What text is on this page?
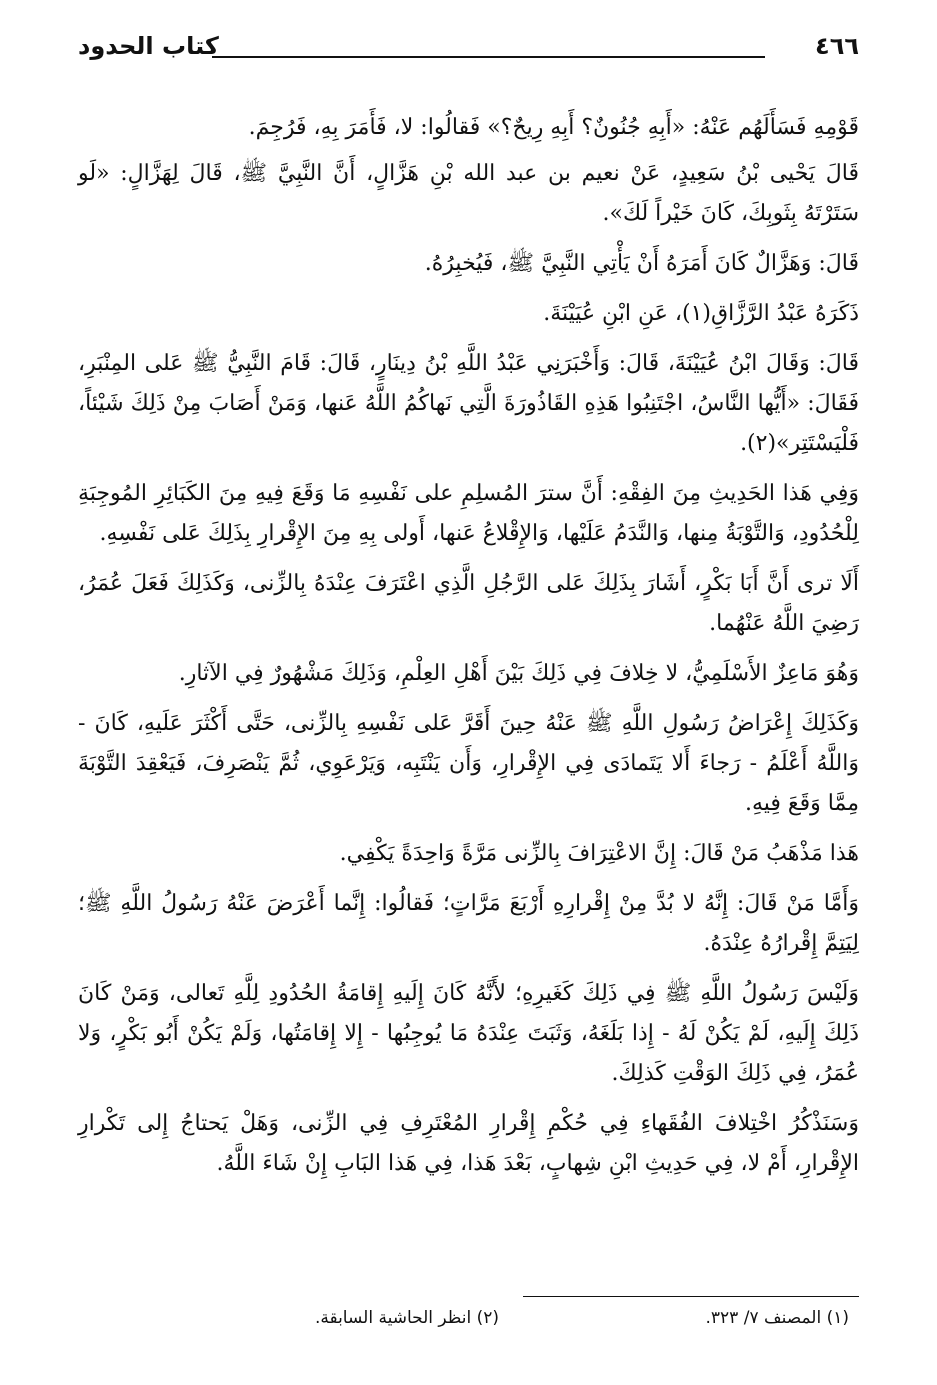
٤٦٦
كتاب الحدود

قَوْمِهِ فَسَأَلَهُم عَنْهُ: «أَبِهِ جُنُونٌ؟ أَبِهِ رِيحٌ؟» فَقالُوا: لا، فَأَمَرَ بِهِ، فَرُجِمَ.

قَالَ يَحْيى بْنُ سَعِيدٍ، عَنْ نعيم بن عبد الله بْنِ هَزَّالٍ، أَنَّ النَّبِيَّ ﷺ، قَالَ لِهَزَّالٍ: «لَو سَتَرْتَهُ بِثَوبِكَ، كَانَ خَيْراً لَكَ».

قَالَ: وَهَزَّالٌ كَانَ أَمَرَهُ أَنْ يَأْتِي النَّبِيَّ ﷺ، فَيُخبِرُهُ.

ذَكَرَهُ عَبْدُ الرَّزَّاقِ(١)، عَنِ ابْنِ عُيَيْنَةَ.

قَالَ: وَقَالَ ابْنُ عُيَيْنَةَ، قَالَ: وَأَخْبَرَنِي عَبْدُ اللَّهِ بْنُ دِينَارٍ، قَالَ: قَامَ النَّبِيُّ ﷺ عَلى المِنْبَرِ، فَقَالَ: «أَيُّها النَّاسُ، اجْتَنِبُوا هَذِهِ القَاذُورَةَ الَّتِي نَهاكُمُ اللَّهُ عَنها، وَمَنْ أَصَابَ مِنْ ذَلِكَ شَيْئاً، فَلْيَسْتَتِر»(٢).

وَفِي هَذا الحَدِيثِ مِنَ الفِقْهِ: أَنَّ سترَ المُسلِمِ على نَفْسِهِ مَا وَقَعَ فِيهِ مِنَ الكَبَائِرِ المُوجِبَةِ لِلْحُدُودِ، وَالتَّوْبَةُ مِنها، وَالنَّدَمُ عَلَيْها، وَالإِقْلاعُ عَنها، أَولى بِهِ مِنَ الإِقْرارِ بِذَلِكَ عَلى نَفْسِهِ.

أَلَا ترى أَنَّ أَبَا بَكْرٍ، أَشَارَ بِذَلِكَ عَلى الرَّجُلِ الَّذِي اعْتَرَفَ عِنْدَهُ بِالزِّنى، وَكَذَلِكَ فَعَلَ عُمَرُ، رَضِيَ اللَّهُ عَنْهُما.

وَهُوَ مَاعِزٌ الأَسْلَمِيُّ، لا خِلافَ فِي ذَلِكَ بَيْنَ أَهْلِ العِلْمِ، وَذَلِكَ مَشْهُورٌ فِي الآثارِ.

وَكَذَلِكَ إِعْرَاضُ رَسُولِ اللَّهِ ﷺ عَنْهُ حِينَ أَقَرَّ عَلى نَفْسِهِ بِالزِّنى، حَتَّى أَكْثَرَ عَلَيهِ، كَانَ - وَاللَّهُ أَعْلَمُ - رَجاءَ أَلا يَتَمادَى فِي الإِقْرارِ، وَأَن يَنْتَبِه، وَيَرْعَوِي، ثُمَّ يَنْصَرِفَ، فَيَعْقِدَ التَّوْبَةَ مِمَّا وَقَعَ فِيهِ.

هَذا مَذْهَبُ مَنْ قَالَ: إِنَّ الاعْتِرَافَ بِالزِّنى مَرَّةً وَاحِدَةً يَكْفِي.

وَأَمَّا مَنْ قَالَ: إِنَّهُ لا بُدَّ مِنْ إِقْرارِهِ أَرْبَعَ مَرَّاتٍ؛ فَقالُوا: إِنَّما أَعْرَضَ عَنْهُ رَسُولُ اللَّهِ ﷺ؛ لِيَتِمَّ إِقْرارُهُ عِنْدَهُ.

وَلَيْسَ رَسُولُ اللَّهِ ﷺ فِي ذَلِكَ كَغَيرِهِ؛ لأَنَّهُ كَانَ إِلَيهِ إِقامَةُ الحُدُودِ لِلَّهِ تَعالى، وَمَنْ كَانَ ذَلِكَ إِلَيهِ، لَمْ يَكُنْ لَهُ - إِذا بَلَغَهُ، وَثَبَتَ عِنْدَهُ مَا يُوجِبُها - إِلا إِقامَتُها، وَلَمْ يَكُنْ أَبُو بَكْرٍ، وَلا عُمَرُ، فِي ذَلِكَ الوَقْتِ كَذلِكَ.

وَسَنَذْكُرُ اخْتِلافَ الفُقَهاءِ فِي حُكْمِ إِقْرارِ المُعْتَرِفِ فِي الزِّنى، وَهَلْ يَحتاجُ إِلى تَكْرارِ الإِقْرارِ، أَمْ لا، فِي حَدِيثِ ابْنِ شِهابٍ، بَعْدَ هَذا، فِي هَذا البَابِ إِنْ شَاءَ اللَّهُ.

(١) المصنف ٧/ ٣٢٣.
(٢) انظر الحاشية السابقة.
